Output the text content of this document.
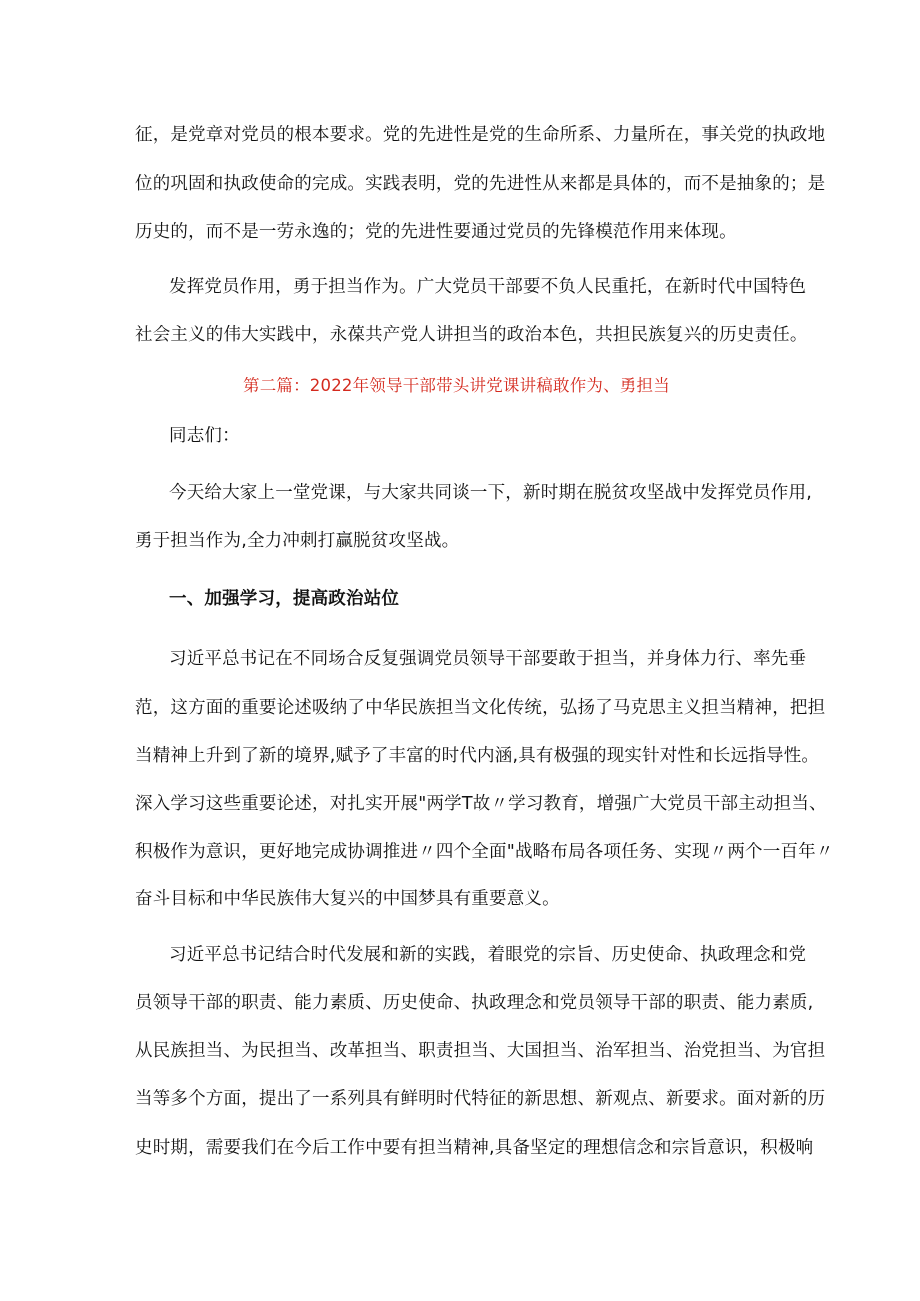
征，是党章对党员的根本要求。党的先进性是党的生命所系、力量所在，事关党的执政地
位的巩固和执政使命的完成。实践表明，党的先进性从来都是具体的，而不是抽象的；是
历史的，而不是一劳永逸的；党的先进性要通过党员的先锋模范作用来体现。
发挥党员作用，勇于担当作为。广大党员干部要不负人民重托，在新时代中国特色
社会主义的伟大实践中，永葆共产党人讲担当的政治本色，共担民族复兴的历史责任。
第二篇：2022年领导干部带头讲党课讲稿敢作为、勇担当
同志们：
今天给大家上一堂党课，与大家共同谈一下，新时期在脱贫攻坚战中发挥党员作用,
勇于担当作为,全力冲刺打赢脱贫攻坚战。
一、加强学习，提高政治站位
习近平总书记在不同场合反复强调党员领导干部要敢于担当，并身体力行、率先垂
范，这方面的重要论述吸纳了中华民族担当文化传统，弘扬了马克思主义担当精神，把担
当精神上升到了新的境界,赋予了丰富的时代内涵,具有极强的现实针对性和长远指导性。
深入学习这些重要论述，对扎实开展"两学T故〃学习教育，增强广大党员干部主动担当、
积极作为意识，更好地完成协调推进〃四个全面"战略布局各项任务、实现〃两个一百年〃
奋斗目标和中华民族伟大复兴的中国梦具有重要意义。
习近平总书记结合时代发展和新的实践，着眼党的宗旨、历史使命、执政理念和党
员领导干部的职责、能力素质、历史使命、执政理念和党员领导干部的职责、能力素质,
从民族担当、为民担当、改革担当、职责担当、大国担当、治军担当、治党担当、为官担
当等多个方面，提出了一系列具有鲜明时代特征的新思想、新观点、新要求。面对新的历
史时期，需要我们在今后工作中要有担当精神,具备坚定的理想信念和宗旨意识，积极响
